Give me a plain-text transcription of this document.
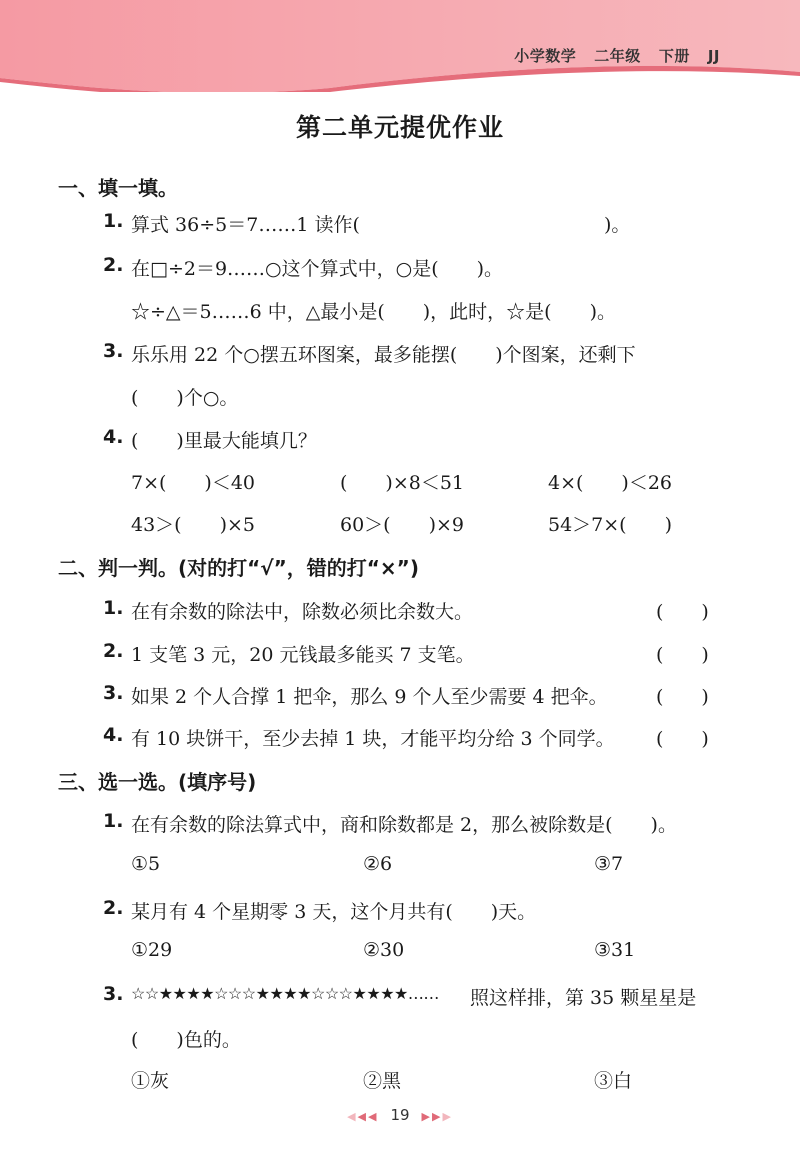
小学数学 二年级 下册 JJ
第二单元提优作业
一、填一填。
1. 算式 36÷5＝7……1 读作(	)。
2. 在□÷2＝9……○这个算式中，○是(　　)。
☆÷△＝5……6 中，△最小是(　　)，此时，☆是(　　)。
3. 乐乐用 22 个○摆五环图案，最多能摆(　　)个图案，还剩下
(　　)个○。
4. (　　)里最大能填几？
7×(　　)＜40	(　　)×8＜51	4×(　　)＜26
43＞(　　)×5	60＞(　　)×9	54＞7×(　　)
二、判一判。(对的打“√”，错的打“×”)
1. 在有余数的除法中，除数必须比余数大。	(　　)
2. 1 支笔 3 元，20 元钱最多能买 7 支笔。	(　　)
3. 如果 2 个人合撑 1 把伞，那么 9 个人至少需要 4 把伞。	(　　)
4. 有 10 块饼干，至少去掉 1 块，才能平均分给 3 个同学。 (　　)
三、选一选。(填序号)
1. 在有余数的除法算式中，商和除数都是 2，那么被除数是(　　)。
①5	②6	③7
2. 某月有 4 个星期零 3 天，这个月共有(　　)天。
①29	②30	③31
3. ☆☆★★★★☆☆☆★★★★☆☆☆★★★★…… 照这样排，第 35 颗星星是
(　　)色的。
①灰	②黑	③白
◀◀◀ 19 ▶▶▶
